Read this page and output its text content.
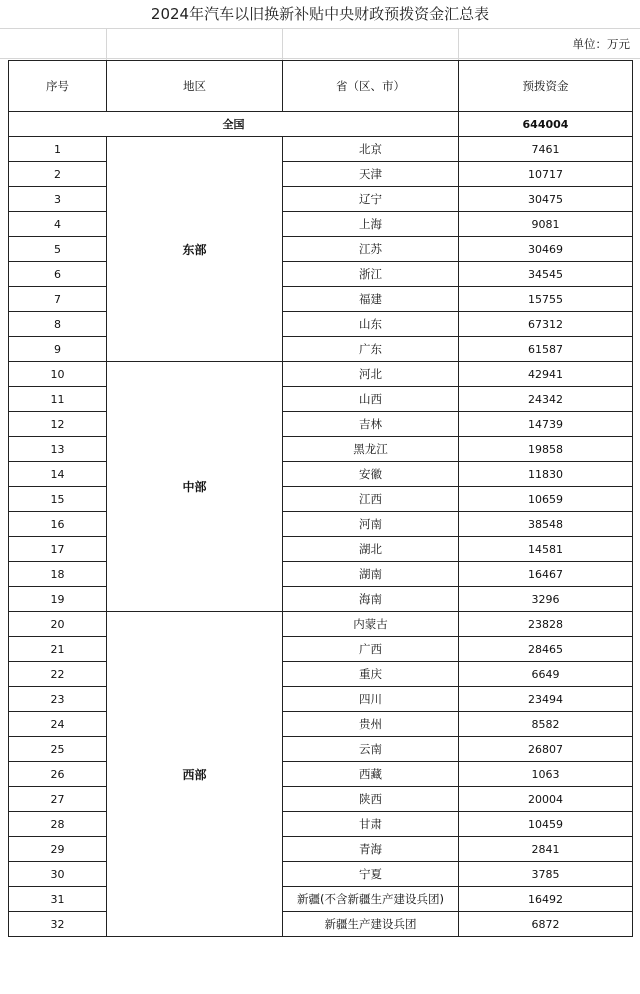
2024年汽车以旧换新补贴中央财政预拨资金汇总表
单位：万元
序号	地区	省（区、市）	预拨资金
全国			644004
1	东部	北京	7461
2		天津	10717
3		辽宁	30475
4		上海	9081
5		江苏	30469
6		浙江	34545
7		福建	15755
8		山东	67312
9		广东	61587
10	中部	河北	42941
11		山西	24342
12		吉林	14739
13		黑龙江	19858
14		安徽	11830
15		江西	10659
16		河南	38548
17		湖北	14581
18		湖南	16467
19		海南	3296
20	西部	内蒙古	23828
21		广西	28465
22		重庆	6649
23		四川	23494
24		贵州	8582
25		云南	26807
26		西藏	1063
27		陕西	20004
28		甘肃	10459
29		青海	2841
30		宁夏	3785
31		新疆(不含新疆生产建设兵团)	16492
32		新疆生产建设兵团	6872
